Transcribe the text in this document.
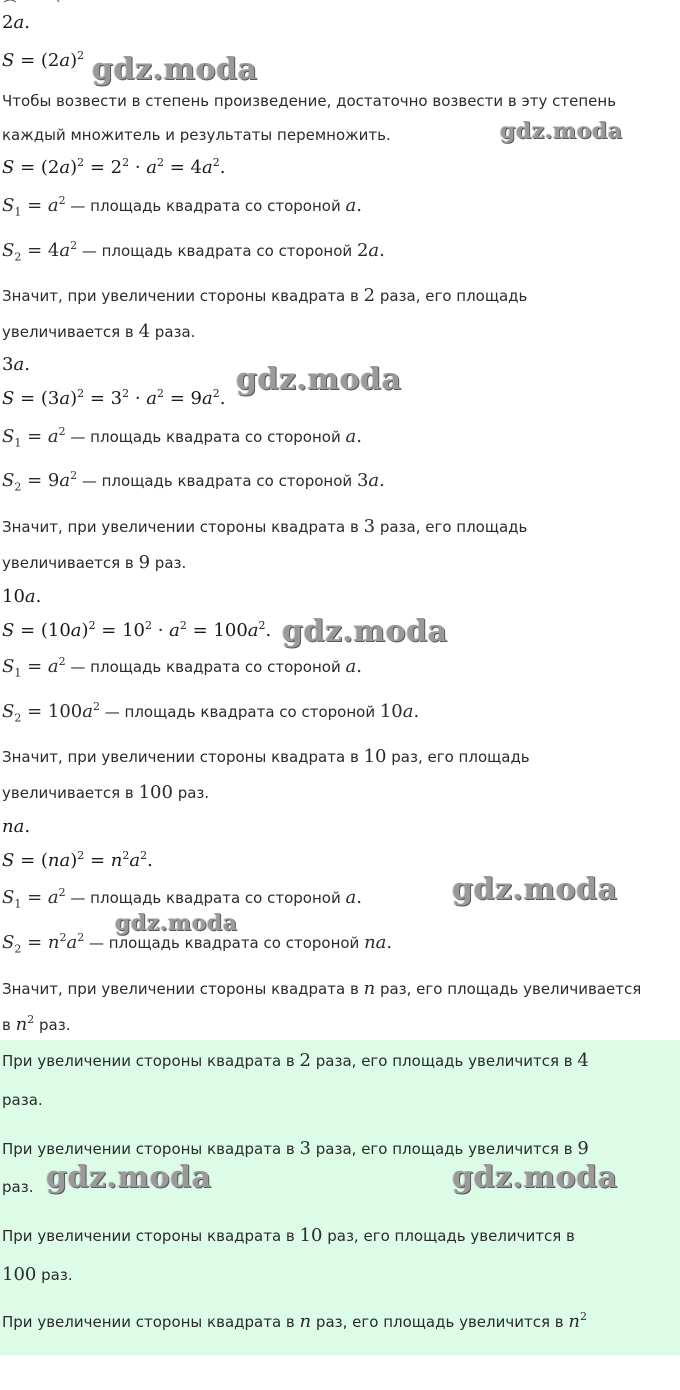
2a.
$S = (2a)^2$ gdz.moda
Чтобы возвести в степень произведение, достаточно возвести в эту степень
каждый множитель и результаты перемножить.	gdz.moda
$S = (2a)^2 = 2^2 \cdot a^2 = 4a^2$.
$S_1 = a^2$ — площадь квадрата со стороной a.
$S_2 = 4a^2$ — площадь квадрата со стороной 2a.
Значит, при увеличении стороны квадрата в 2 раза, его площадь
увеличивается в 4 раза.
3a.
$S = (3a)^2 = 3^2 \cdot a^2 = 9a^2$.
gdz.moda
$S_1 = a^2$ — площадь квадрата со стороной a.
$S_2 = 9a^2$ — площадь квадрата со стороной 3a.
Значит, при увеличении стороны квадрата в 3 раза, его площадь
увеличивается в 9 раз.
10a.
$S = (10a)^2 = 10^2 \cdot a^2 = 100a^2$. gdz.moda
$S_1 = a^2$ — площадь квадрата со стороной a.
$S_2 = 100a^2$ — площадь квадрата со стороной 10a.
Значит, при увеличении стороны квадрата в 10 раз, его площадь
увеличивается в 100 раз.
na.
$S = (na)^2 = n^2a^2$.
$S_1 = a^2$ — площадь квадрата со стороной a.	gdz.moda
gdz.moda
$S_2 = n^2a^2$ — площадь квадрата со стороной na.
Значит, при увеличении стороны квадрата в n раз, его площадь увеличивается
в $n^2$ раз.
При увеличении стороны квадрата в 2 раза, его площадь увеличится в 4
раза.
При увеличении стороны квадрата в 3 раза, его площадь увеличится в 9
раз. gdz.moda	gdz.moda
При увеличении стороны квадрата в 10 раз, его площадь увеличится в
100 раз.
При увеличении стороны квадрата в n раз, его площадь увеличится в $n^2$
